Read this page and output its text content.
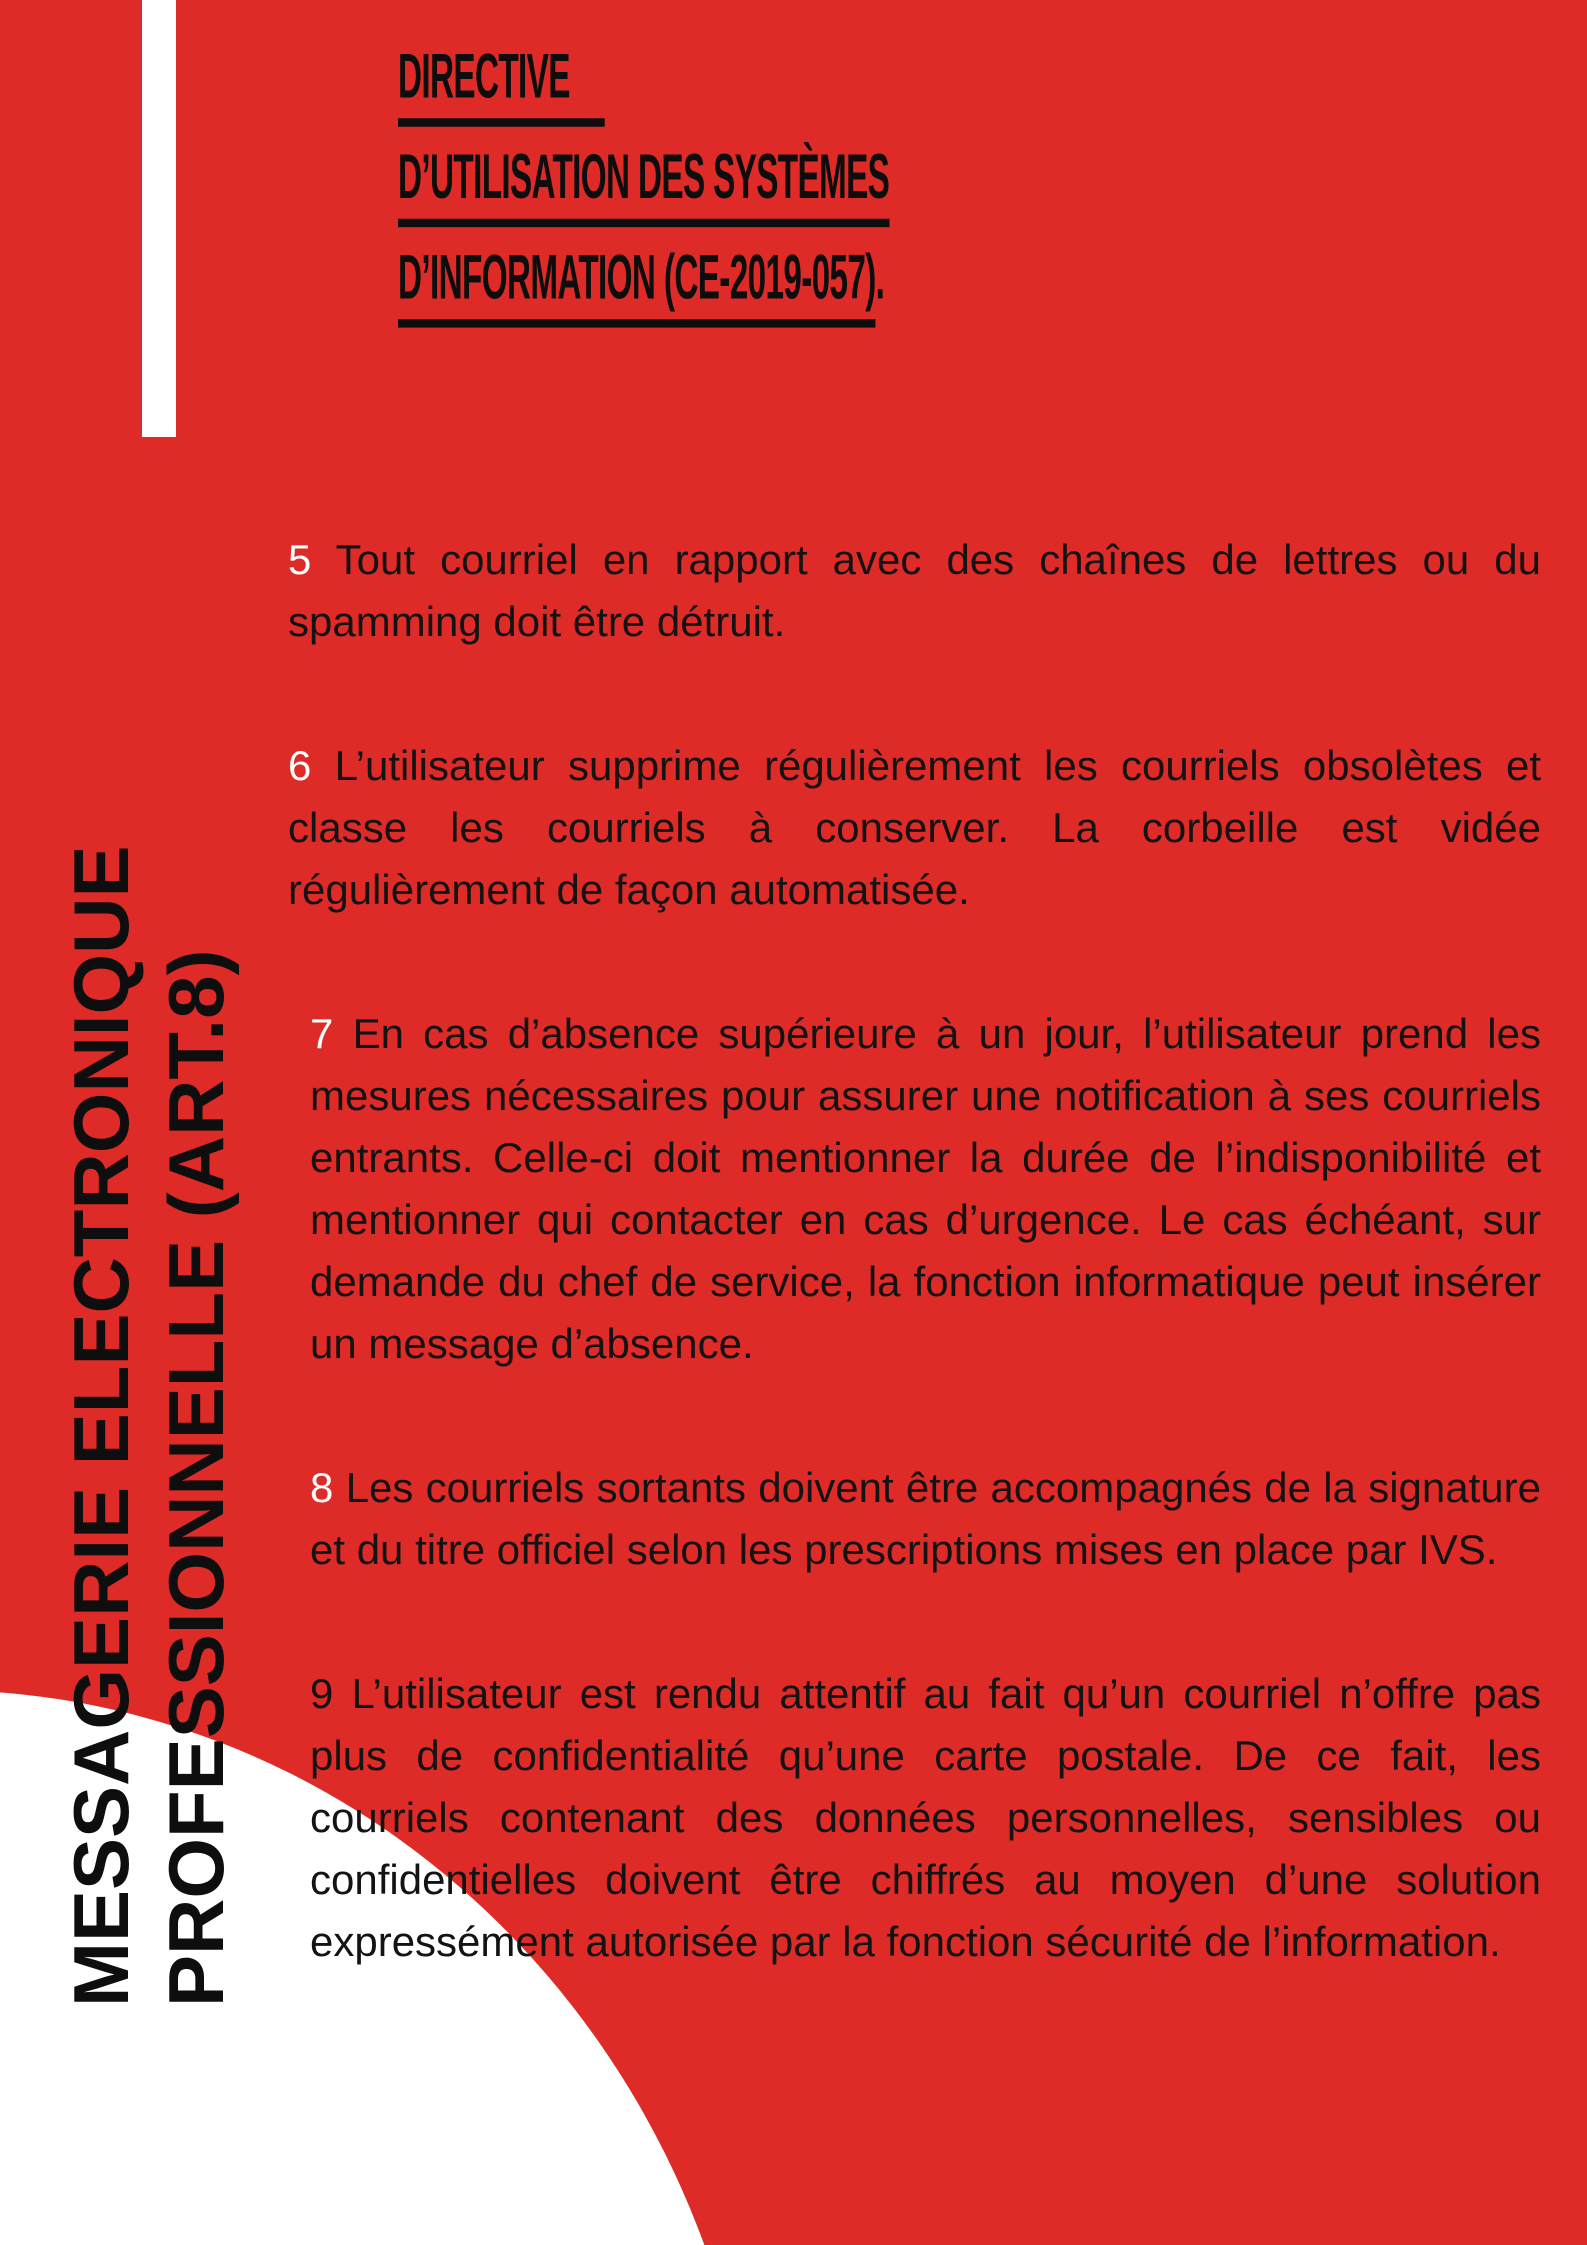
MESSAGERIE ELECTRONIQUE PROFESSIONNELLE (ART.8)
DIRECTIVE
D’UTILISATION DES SYSTÈMES
D’INFORMATION (CE-2019-057).

5 Tout courriel en rapport avec des chaînes de lettres ou du spamming doit être détruit.

6 L’utilisateur supprime régulièrement les courriels obsolètes et classe les courriels à conserver. La corbeille est vidée régulièrement de façon automatisée.

7 En cas d’absence supérieure à un jour, l’utilisateur prend les mesures nécessaires pour assurer une notification à ses courriels entrants. Celle-ci doit mentionner la durée de l’indisponibilité et mentionner qui contacter en cas d’urgence. Le cas échéant, sur demande du chef de service, la fonction informatique peut insérer un message d’absence.

8 Les courriels sortants doivent être accompagnés de la signature et du titre officiel selon les prescriptions mises en place par IVS.

9 L’utilisateur est rendu attentif au fait qu’un courriel n’offre pas plus de confidentialité qu’une carte postale. De ce fait, les courriels contenant des données personnelles, sensibles ou confidentielles doivent être chiffrés au moyen d’une solution expressément autorisée par la fonction sécurité de l’information.
